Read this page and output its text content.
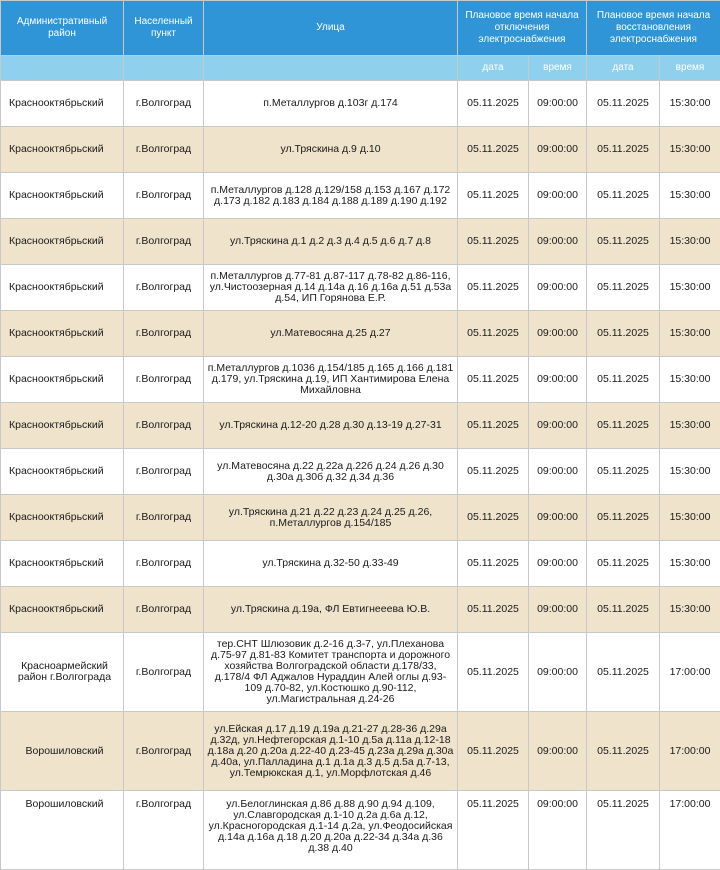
Административный район	Населенный пункт	Улица	Плановое время начала отключения электроснабжения		Плановое время начала восстановления электроснабжения	
			дата	время	дата	время
Краснооктябрьский	г.Волгоград	п.Металлургов д.103г д.174	05.11.2025	09:00:00	05.11.2025	15:30:00
Краснооктябрьский	г.Волгоград	ул.Тряскина д.9 д.10	05.11.2025	09:00:00	05.11.2025	15:30:00
Краснооктябрьский	г.Волгоград	п.Металлургов д.128 д.129/158 д.153 д.167 д.172 д.173 д.182 д.183 д.184 д.188 д.189 д.190 д.192	05.11.2025	09:00:00	05.11.2025	15:30:00
Краснооктябрьский	г.Волгоград	ул.Тряскина д.1 д.2 д.3 д.4 д.5 д.6 д.7 д.8	05.11.2025	09:00:00	05.11.2025	15:30:00
Краснооктябрьский	г.Волгоград	п.Металлургов д.77-81 д.87-117 д.78-82 д.86-116, ул.Чистоозерная д.14 д.14а д.16 д.16а д.51 д.53а д.54, ИП Горянова Е.Р.	05.11.2025	09:00:00	05.11.2025	15:30:00
Краснооктябрьский	г.Волгоград	ул.Матевосяна д.25 д.27	05.11.2025	09:00:00	05.11.2025	15:30:00
Краснооктябрьский	г.Волгоград	п.Металлургов д.1036 д.154/185 д.165 д.166 д.181 д.179, ул.Тряскина д.19, ИП Хантимирова Елена Михайловна	05.11.2025	09:00:00	05.11.2025	15:30:00
Краснооктябрьский	г.Волгоград	ул.Тряскина д.12-20 д.28 д.30 д.13-19 д.27-31	05.11.2025	09:00:00	05.11.2025	15:30:00
Краснооктябрьский	г.Волгоград	ул.Матевосяна д.22 д.22а д.22б д.24 д.26 д.30 д.30а д.30б д.32 д.34 д.36	05.11.2025	09:00:00	05.11.2025	15:30:00
Краснооктябрьский	г.Волгоград	ул.Тряскина д.21 д.22 д.23 д.24 д.25 д.26, п.Металлургов д.154/185	05.11.2025	09:00:00	05.11.2025	15:30:00
Краснооктябрьский	г.Волгоград	ул.Тряскина д.32-50 д.33-49	05.11.2025	09:00:00	05.11.2025	15:30:00
Краснооктябрьский	г.Волгоград	ул.Тряскина д.19а, ФЛ Евтигнееева Ю.В.	05.11.2025	09:00:00	05.11.2025	15:30:00
Красноармейский район г.Волгограда	г.Волгоград	тер.СНТ Шлюзовик д.2-16 д.3-7, ул.Плеханова д.75-97 д.81-83 Комитет транспорта и дорожного хозяйства Волгоградской области д.178/33, д.178/4 ФЛ Аджалов Нураддин Алей оглы д.93-109 д.70-82, ул.Костюшко д.90-112, ул.Магистральная д.24-26	05.11.2025	09:00:00	05.11.2025	17:00:00
Ворошиловский	г.Волгоград	ул.Ейская д.17 д.19 д.19а д.21-27 д.28-36 д.29а д.32д, ул.Нефтегорская д.1-10 д.5а д.11а д.12-18 д.18а д.20 д.20а д.22-40 д.23-45 д.23а д.29а д.30а д.40а, ул.Палладина д.1 д.1а д.3 д.5 д.5а д.7-13, ул.Темрюкская д.1, ул.Морфлотская д.46	05.11.2025	09:00:00	05.11.2025	17:00:00
Ворошиловский	г.Волгоград	ул.Белоглинская д.86 д.88 д.90 д.94 д.109, ул.Славгородская д.1-10 д.2а д.6а д.12, ул.Красногородская д.1-14 д.2а, ул.Феодосийская д.14а д.16а д.18 д.20 д.20а д.22-34 д.34а д.36 д.38 д.40	05.11.2025	09:00:00	05.11.2025	17:00:00
